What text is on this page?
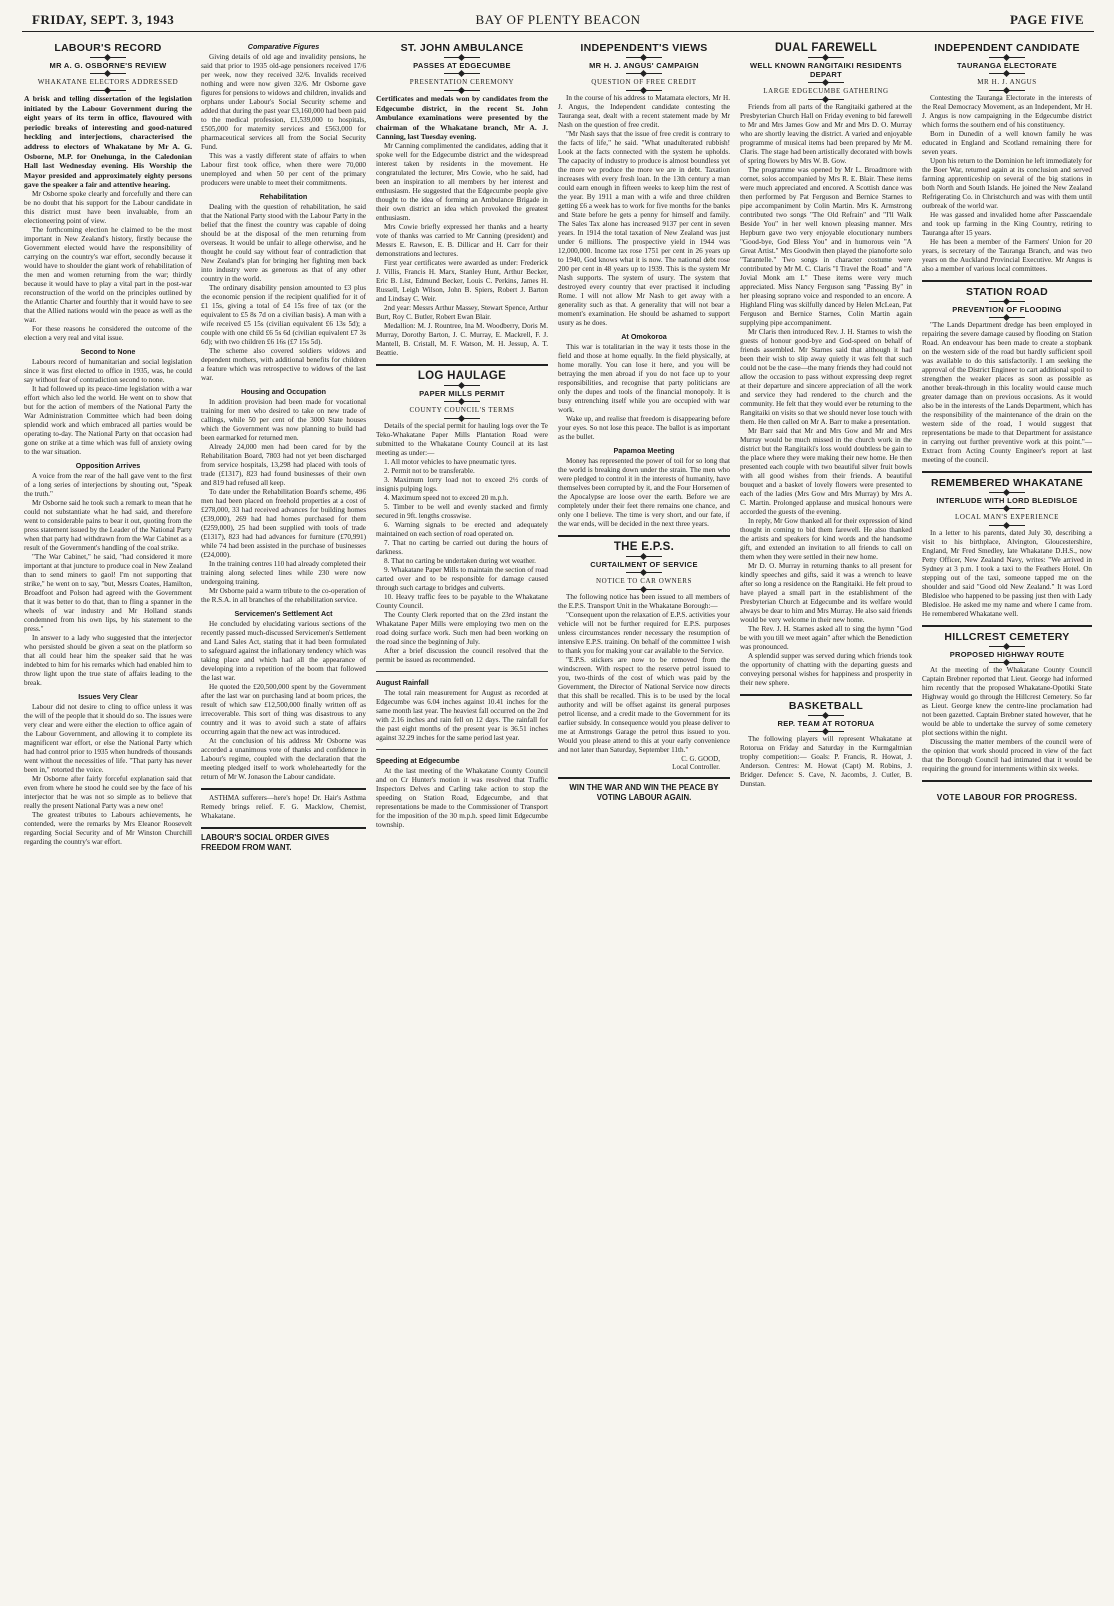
FRIDAY, SEPT. 3, 1943	BAY OF PLENTY BEACON	PAGE FIVE
LABOUR'S RECORD
MR A. G. OSBORNE'S REVIEW
WHAKATANE ELECTORS ADDRESSED

A brisk and telling dissertation of the legislation initiated by the Labour Government during the eight years of its term in office, flavoured with periodic breaks of interesting and good-natured heckling and interjections, characterised the address to electors of Whakatane by Mr A. G. Osborne, M.P. for Onehunga, in the Caledonian Hall last Wednesday evening. His Worship the Mayor presided and approximately eighty persons gave the speaker a fair and attentive hearing.

Mr Osborne spoke clearly and forcefully and there can be no doubt that his support for the Labour candidate in this district must have been invaluable, from an electioneering point of view.

The forthcoming election he claimed to be the most important in New Zealand's history, firstly because the Government elected would have the responsibility of carrying on the country's war effort, secondly because it would have to shoulder the giant work of rehabilitation of the men and women returning from the war; thirdly because it would have to play a vital part in the post-war reconstruction of the world on the principles outlined by the Atlantic Charter and fourthly that it would have to see that the Allied nations would win the peace as well as the war.

For these reasons he considered the outcome of the election a very real and vital issue.

Second to None

Labours record of humanitarian and social legislation since it was first elected to office in 1935, was, he could say without fear of contradiction second to none.

It had followed up its peace-time legislation with a war effort which also led the world. He went on to show that but for the action of members of the National Party the War Administration Committee which had been doing splendid work and which embraced all parties would be operating to-day. The National Party on that occasion had gone on strike at a time which was full of anxiety owing to the war situation.

Opposition Arrives

A voice from the rear of the hall gave vent to the first of a long series of interjections by shouting out, "Speak the truth."

Mr Osborne said he took such a remark to mean that he could not substantiate what he had said, and therefore went to considerable pains to bear it out, quoting from the press statement issued by the Leader of the National Party when that party had withdrawn from the War Cabinet as a result of the Government's handling of the coal strike.

"The War Cabinet," he said, "had considered it more important at that juncture to produce coal in New Zealand than to send miners to gaol! I'm not supporting that strike," he went on to say, "but, Messrs Coates, Hamilton, Broadfoot and Polson had agreed with the Government that it was better to do that, than to fling a spanner in the wheels of war industry and Mr Holland stands condemned from his own lips, by his statement to the press."

In answer to a lady who suggested that the interjector who persisted should be given a seat on the platform so that all could hear him the speaker said that he was indebted to him for his remarks which had enabled him to throw light upon the true state of affairs leading to the break.

Issues Very Clear

Labour did not desire to cling to office unless it was the will of the people that it should do so. The issues were very clear and were either the election to office again of the Labour Government, and allowing it to complete its magnificent war effort, or else the National Party which had had control prior to 1935 when hundreds of thousands went without the necessities of life. "That party has never been in," retorted the voice.

Mr Osborne after fairly forceful explanation said that even from where he stood he could see by the face of his interjector that he was not so simple as to believe that really the present National Party was a new one!

The greatest tributes to Labours achievements, he contended, were the remarks by Mrs Eleanor Roosevelt regarding Social Security and of Mr Winston Churchill regarding the country's war effort.

Comparative Figures

Giving details of old age and invalidity pensions, he said that prior to 1935 old-age pensioners received 17/6 per week, now they received 32/6. Invalids received nothing and were now given 32/6. Mr Osborne gave figures for pensions to widows and children, invalids and orphans under Labour's Social Security scheme and added that during the past year £3,160,000 had been paid to the medical profession, £1,539,000 to hospitals, £505,000 for maternity services and £563,000 for pharmaceutical services all from the Social Security Fund.

This was a vastly different state of affairs to when Labour first took office, when there were 70,000 unemployed and when 50 per cent of the primary producers were unable to meet their commitments.

Rehabilitation

Dealing with the question of rehabilitation, he said that the National Party stood with the Labour Party in the belief that the finest the country was capable of doing should be at the disposal of the men returning from overseas. It would be unfair to allege otherwise, and he thought he could say without fear of contradiction that New Zealand's plan for bringing her fighting men back into industry were as generous as that of any other country in the world.

The ordinary disability pension amounted to £3 plus the economic pension if the recipient qualified for it of £1 15s, giving a total of £4 15s free of tax (or the equivalent to £5 8s 7d on a civilian basis). A man with a wife received £5 15s (civilian equivalent £6 13s 5d); a couple with one child £6 5s 6d (civilian equivalent £7 3s 6d); with two children £6 16s (£7 15s 5d).

The scheme also covered soldiers widows and dependent mothers, with additional benefits for children a feature which was retrospective to widows of the last war.

Housing and Occupation

In addition provision had been made for vocational training for men who desired to take on new trade of callings, while 50 per cent of the 3000 State houses which the Government was now planning to build had been earmarked for returned men.

Already 24,000 men had been cared for by the Rehabilitation Board, 7803 had not yet been discharged from service hospitals, 13,298 had placed with tools of trade (£1317), 823 had found businesses of their own and 819 had refused all keep.

To date under the Rehabilitation Board's scheme, 496 men had been placed on freehold properties at a cost of £278,000, 33 had received advances for building homes (£39,000), 269 had had homes purchased for them (£259,000), 25 had been supplied with tools of trade (£1317), 823 had had advances for furniture (£70,991) while 74 had been assisted in the purchase of businesses (£24,000).

In the training centres 110 had already completed their training along selected lines while 230 were now undergoing training.

Mr Osborne paid a warm tribute to the co-operation of the R.S.A. in all branches of the rehabilitation service.

Servicemen's Settlement Act

He concluded by elucidating various sections of the recently passed much-discussed Servicemen's Settlement and Land Sales Act, stating that it had been formulated to safeguard against the inflationary tendency which was taking place and which had all the appearance of developing into a repetition of the boom that followed the last war.

He quoted the £20,500,000 spent by the Government after the last war on purchasing land at boom prices, the result of which saw £12,500,000 finally written off as irrecoverable. This sort of thing was disastrous to any country and it was to avoid such a state of affairs occurring again that the new act was introduced.

At the conclusion of his address Mr Osborne was accorded a unanimous vote of thanks and confidence in Labour's regime, coupled with the declaration that the meeting pledged itself to work wholeheartedly for the return of Mr W. Jonason the Labour candidate.

ASTHMA sufferers—here's hope! Dr. Hair's Asthma Remedy brings relief. F. G. Macklow, Chemist, Whakatane.

LABOUR'S SOCIAL ORDER GIVES FREEDOM FROM WANT.

ST. JOHN AMBULANCE
PASSES AT EDGECUMBE
PRESENTATION CEREMONY

Certificates and medals won by candidates from the Edgecumbe district, in the recent St. John Ambulance examinations were presented by the chairman of the Whakatane branch, Mr A. J. Canning, last Tuesday evening.

Mr Canning complimented the candidates, adding that it spoke well for the Edgecumbe district and the widespread interest taken by residents in the movement. He congratulated the lecturer, Mrs Cowie, who he said, had been an inspiration to all members by her interest and enthusiasm. He suggested that the Edgecumbe people give thought to the idea of forming an Ambulance Brigade in their own district an idea which provoked the greatest enthusiasm.

Mrs Cowie briefly expressed her thanks and a hearty vote of thanks was carried to Mr Canning (president) and Messrs E. Rawson, E. B. Dillicar and H. Carr for their demonstrations and lectures.

First year certificates were awarded as under: Frederick J. Villis, Francis H. Marx, Stanley Hunt, Arthur Becker, Eric B. List, Edmund Becker, Louis C. Perkins, James H. Russell, Leigh Wilson, John B. Spiers, Robert J. Barton and Lindsay C. Weir.

2nd year: Messrs Arthur Massey, Stewart Spence, Arthur Burt, Roy C. Butler, Robert Ewan Blair.

Medallion: M. J. Rountree, Ina M. Woodberry, Doris M. Murray, Dorothy Barton, J. C. Murray, E. Mackrell, F. J. Mantell, B. Cristall, M. F. Watson, M. H. Jessup, A. T. Beattie.

LOG HAULAGE
PAPER MILLS PERMIT
COUNTY COUNCIL'S TERMS

Details of the special permit for hauling logs over the Te Teko-Whakatane Paper Mills Plantation Road were submitted to the Whakatane County Council at its last meeting as under:—

1. All motor vehicles to have pneumatic tyres.

2. Permit not to be transferable.

3. Maximum lorry load not to exceed 2½ cords of insignis pulping logs.

4. Maximum speed not to exceed 20 m.p.h.

5. Timber to be well and evenly stacked and firmly secured in 9ft. lengths crosswise.

6. Warning signals to be erected and adequately maintained on each section of road operated on.

7. That no carting be carried out during the hours of darkness.

8. That no carting be undertaken during wet weather.

9. Whakatane Paper Mills to maintain the section of road carted over and to be responsible for damage caused through such cartage to bridges and culverts.

10. Heavy traffic fees to be payable to the Whakatane County Council.

The County Clerk reported that on the 23rd instant the Whakatane Paper Mills were employing two men on the road doing surface work. Such men had been working on the road since the beginning of July.

After a brief discussion the council resolved that the permit be issued as recommended.

August Rainfall

The total rain measurement for August as recorded at Edgecumbe was 6.04 inches against 10.41 inches for the same month last year. The heaviest fall occurred on the 2nd with 2.16 inches and rain fell on 12 days. The rainfall for the past eight months of the present year is 36.51 inches against 32.29 inches for the same period last year.

Speeding at Edgecumbe

At the last meeting of the Whakatane County Council and on Cr Hunter's motion it was resolved that Traffic Inspectors Delves and Carling take action to stop the speeding on Station Road, Edgecumbe, and that representations be made to the Commissioner of Transport for the imposition of the 30 m.p.h. speed limit Edgecumbe township.

INDEPENDENT'S VIEWS
MR H. J. ANGUS' CAMPAIGN
QUESTION OF FREE CREDIT

In the course of his address to Matamata electors, Mr H. J. Angus, the Independent candidate contesting the Tauranga seat, dealt with a recent statement made by Mr Nash on the question of free credit.

"Mr Nash says that the issue of free credit is contrary to the facts of life," he said. "What unadulterated rubbish! Look at the facts connected with the system he upholds. The capacity of industry to produce is almost boundless yet the more we produce the more we are in debt. Taxation increases with every fresh loan. In the 13th century a man could earn enough in fifteen weeks to keep him the rest of the year. By 1911 a man with a wife and three children getting £6 a week has to work for five months for the banks and State before he gets a penny for himself and family. The Sales Tax alone has increased 9137 per cent in seven years. In 1914 the total taxation of New Zealand was just under 6 millions. The prospective yield in 1944 was 12,000,000. Income tax rose 1751 per cent in 26 years up to 1940, God knows what it is now. The national debt rose 200 per cent in 48 years up to 1939. This is the system Mr Nash supports. The system of usury. The system that destroyed every country that ever practised it including Rome. I will not allow Mr Nash to get away with a generality such as that. A generality that will not bear a moment's examination. He should be ashamed to support usury as he does.

At Omokoroa

This war is totalitarian in the way it tests those in the field and those at home equally. In the field physically, at home morally. You can lose it here, and you will be betraying the men abroad if you do not face up to your responsibilities, and recognise that party politicians are only the dupes and tools of the financial monopoly. It is busy entrenching itself while you are occupied with war work.

Wake up, and realise that freedom is disappearing before your eyes. So not lose this peace. The ballot is as important as the bullet.

Papamoa Meeting

Money has represented the power of toil for so long that the world is breaking down under the strain. The men who were pledged to control it in the interests of humanity, have themselves been corrupted by it, and the Four Horsemen of the Apocalypse are loose over the earth. Before we are completely under their feet there remains one chance, and only one I believe. The time is very short, and our fate, if the war ends, will be decided in the next three years.

THE E.P.S.
CURTAILMENT OF SERVICE
NOTICE TO CAR OWNERS

The following notice has been issued to all members of the E.P.S. Transport Unit in the Whakatane Borough:—

"Consequent upon the relaxation of E.P.S. activities your vehicle will not be further required for E.P.S. purposes unless circumstances render necessary the resumption of intensive E.P.S. training. On behalf of the committee I wish to thank you for making your car available to the Service.

"E.P.S. stickers are now to be removed from the windscreen. With respect to the reserve petrol issued to you, two-thirds of the cost of which was paid by the Government, the Director of National Service now directs that this shall be recalled. This is to be used by the local authority and will be offset against its general purposes petrol license, and a credit made to the Government for its earlier subsidy. In consequence would you please deliver to me at Armstrongs Garage the petrol thus issued to you. Would you please attend to this at your early convenience and not later than Saturday, September 11th."

C. G. GOOD,
Local Controller.

WIN THE WAR AND WIN THE PEACE BY VOTING LABOUR AGAIN.

DUAL FAREWELL
WELL KNOWN RANGITAIKI RESIDENTS DEPART
LARGE EDGECUMBE GATHERING

Friends from all parts of the Rangitaiki gathered at the Presbyterian Church Hall on Friday evening to bid farewell to Mr and Mrs James Gow and Mr and Mrs D. O. Murray who are shortly leaving the district. A varied and enjoyable programme of musical items had been prepared by Mr M. Claris. The stage had been artistically decorated with bowls of spring flowers by Mrs W. B. Gow.

The programme was opened by Mr L. Broadmore with cornet, solos accompanied by Mrs R. E. Blair. These items were much appreciated and encored. A Scottish dance was then performed by Pat Ferguson and Bernice Starnes to pipe accompaniment by Colin Martin. Mrs K. Armstrong contributed two songs "The Old Refrain" and "I'll Walk Beside You" in her well known pleasing manner. Mrs Hepburn gave two very enjoyable elocutionary numbers "Good-bye, God Bless You" and in humorous vein "A Great Artist." Mrs Goodwin then played the pianoforte solo "Tarantelle." Two songs in character costume were contributed by Mr M. C. Claris "I Travel the Road" and "A Jovial Monk am I." These items were very much appreciated. Miss Nancy Ferguson sang "Passing By" in her pleasing soprano voice and responded to an encore. A Highland Fling was skilfully danced by Helen McLean, Pat Ferguson and Bernice Starnes, Colin Martin again supplying pipe accompaniment.

Mr Claris then introduced Rev. J. H. Starnes to wish the guests of honour good-bye and God-speed on behalf of friends assembled. Mr Starnes said that although it had been their wish to slip away quietly it was felt that such could not be the case—the many friends they had could not allow the occasion to pass without expressing deep regret at their departure and sincere appreciation of all the work and service they had rendered to the church and the community. He felt that they would ever be returning to the Rangitaiki on visits so that we should never lose touch with them. He then called on Mr A. Barr to make a presentation.

Mr Barr said that Mr and Mrs Gow and Mr and Mrs Murray would be much missed in the church work in the district but the Rangitaiki's loss would doubtless be gain to the place where they were making their new home. He then presented each couple with two beautiful silver fruit bowls with all good wishes from their friends. A beautiful bouquet and a basket of lovely flowers were presented to each of the ladies (Mrs Gow and Mrs Murray) by Mrs A. C. Martin. Prolonged applause and musical honours were accorded the guests of the evening.

In reply, Mr Gow thanked all for their expression of kind thought in coming to bid them farewell. He also thanked the artists and speakers for kind words and the handsome gift, and extended an invitation to all friends to call on them when they were settled in their new home.

Mr D. O. Murray in returning thanks to all present for kindly speeches and gifts, said it was a wrench to leave after so long a residence on the Rangitaiki. He felt proud to have played a small part in the establishment of the Presbyterian Church at Edgecumbe and its welfare would always be dear to him and Mrs Murray. He also said friends would be very welcome in their new home.

The Rev. J. H. Starnes asked all to sing the hymn "God be with you till we meet again" after which the Benediction was pronounced.

A splendid supper was served during which friends took the opportunity of chatting with the departing guests and conveying personal wishes for happiness and prosperity in their new sphere.

BASKETBALL
REP. TEAM AT ROTORUA

The following players will represent Whakatane at Rotorua on Friday and Saturday in the Kurmgaltnian trophy competition:— Goals: P. Francis, R. Howat, J. Anderson. Centres: M. Howat (Capt) M. Robins, J. Bridger. Defence: S. Cave, N. Jacombs, J. Cutler, B. Dunstan.

INDEPENDENT CANDIDATE
TAURANGA ELECTORATE
MR H. J. ANGUS

Contesting the Tauranga Electorate in the interests of the Real Democracy Movement, as an Independent, Mr H. J. Angus is now campaigning in the Edgecumbe district which forms the southern end of his constituency.

Born in Dunedin of a well known family he was educated in England and Scotland remaining there for seven years.

Upon his return to the Dominion he left immediately for the Boer War, returned again at its conclusion and served farming apprenticeship on several of the big stations in both North and South Islands. He joined the New Zealand Refrigerating Co. in Christchurch and was with them until outbreak of the world war.

He was gassed and invalided home after Passcaendale and took up farming in the King Country, retiring to Tauranga after 15 years.

He has been a member of the Farmers' Union for 20 years, is secretary of the Tauranga Branch, and was two years on the Auckland Provincial Executive. Mr Angus is also a member of various local committees.

STATION ROAD
PREVENTION OF FLOODING

"The Lands Department dredge has been employed in repairing the severe damage caused by flooding on Station Road. An endeavour has been made to create a stopbank on the western side of the road but hardly sufficient spoil was available to do this satisfactorily. I am seeking the approval of the District Engineer to cart additional spoil to strengthen the weaker places as soon as possible as another break-through in this locality would cause much greater damage than on previous occasions. As it would also be in the interests of the Lands Department, which has the responsibility of the maintenance of the drain on the western side of the road, I would suggest that representations be made to that Department for assistance in carrying out further preventive work at this point."—Extract from Acting County Engineer's report at last meeting of the council.

REMEMBERED WHAKATANE
INTERLUDE WITH LORD BLEDISLOE
LOCAL MAN'S EXPERIENCE

In a letter to his parents, dated July 30, describing a visit to his birthplace, Alvington, Gloucestershire, England, Mr Fred Smedley, late Whakatane D.H.S., now Petty Officer, New Zealand Navy, writes: "We arrived in Sydney at 3 p.m. I took a taxi to the Feathers Hotel. On stepping out of the taxi, someone tapped me on the shoulder and said "Good old New Zealand." It was Lord Bledisloe who happened to be passing just then with Lady Bledisloe. He asked me my name and where I came from. He remembered Whakatane well.

HILLCREST CEMETERY
PROPOSED HIGHWAY ROUTE

At the meeting of the Whakatane County Council Captain Brebner reported that Lieut. George had informed him recently that the proposed Whakatane-Opotiki State Highway would go through the Hillcrest Cemetery. So far as Lieut. George knew the centre-line proclamation had not been gazetted. Captain Brebner stated however, that he would be able to undertake the survey of some cemetery plot sections within the night.

Discussing the matter members of the council were of the opinion that work should proceed in view of the fact that the Borough Council had intimated that it would be requiring the ground for internments within six weeks.

VOTE LABOUR FOR PROGRESS.
